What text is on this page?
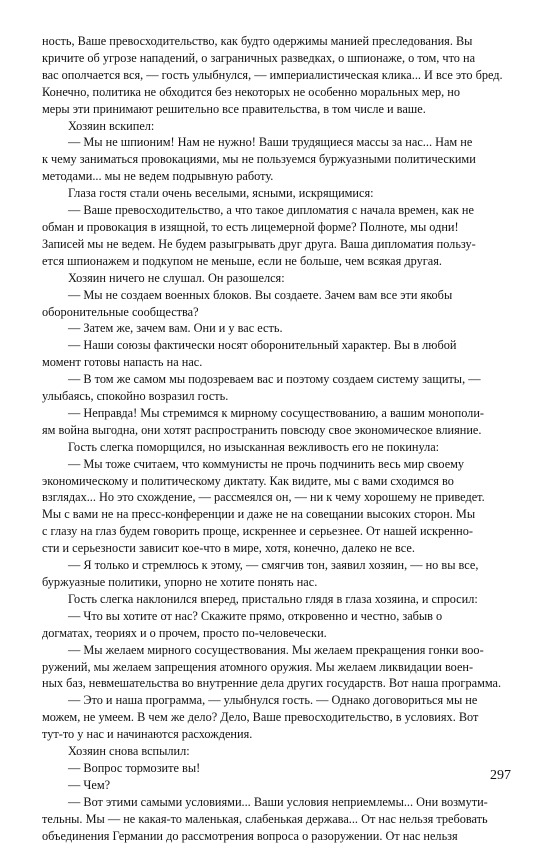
ность, Ваше превосходительство, как будто одержимы манией преследования. Вы
кричите об угрозе нападений, о заграничных разведках, о шпионаже, о том, что на
вас ополчается вся, — гость улыбнулся, — империалистическая клика... И все это бред.
Конечно, политика не обходится без некоторых не особенно моральных мер, но
меры эти принимают решительно все правительства, в том числе и ваше.
Хозяин вскипел:
— Мы не шпионим! Нам не нужно! Ваши трудящиеся массы за нас... Нам не
к чему заниматься провокациями, мы не пользуемся буржуазными политическими
методами... мы не ведем подрывную работу.
Глаза гостя стали очень веселыми, ясными, искрящимися:
— Ваше превосходительство, а что такое дипломатия с начала времен, как не
обман и провокация в изящной, то есть лицемерной форме? Полноте, мы одни!
Записей мы не ведем. Не будем разыгрывать друг друга. Ваша дипломатия пользу-
ется шпионажем и подкупом не меньше, если не больше, чем всякая другая.
Хозяин ничего не слушал. Он разошелся:
— Мы не создаем военных блоков. Вы создаете. Зачем вам все эти якобы
оборонительные сообщества?
— Затем же, зачем вам. Они и у вас есть.
— Наши союзы фактически носят оборонительный характер. Вы в любой
момент готовы напасть на нас.
— В том же самом мы подозреваем вас и поэтому создаем систему защиты, —
улыбаясь, спокойно возразил гость.
— Неправда! Мы стремимся к мирному сосуществованию, а вашим монополи-
ям война выгодна, они хотят распространить повсюду свое экономическое влияние.
Гость слегка поморщился, но изысканная вежливость его не покинула:
— Мы тоже считаем, что коммунисты не прочь подчинить весь мир своему
экономическому и политическому диктату. Как видите, мы с вами сходимся во
взглядах... Но это схождение, — рассмеялся он, — ни к чему хорошему не приведет.
Мы с вами не на пресс-конференции и даже не на совещании высоких сторон. Мы
с глазу на глаз будем говорить проще, искреннее и серьезнее. От нашей искренно-
сти и серьезности зависит кое-что в мире, хотя, конечно, далеко не все.
— Я только и стремлюсь к этому, — смягчив тон, заявил хозяин, — но вы все,
буржуазные политики, упорно не хотите понять нас.
Гость слегка наклонился вперед, пристально глядя в глаза хозяина, и спросил:
— Что вы хотите от нас? Скажите прямо, откровенно и честно, забыв о
догматах, теориях и о прочем, просто по-человечески.
— Мы желаем мирного сосуществования. Мы желаем прекращения гонки воо-
ружений, мы желаем запрещения атомного оружия. Мы желаем ликвидации воен-
ных баз, невмешательства во внутренние дела других государств. Вот наша программа.
— Это и наша программа, — улыбнулся гость. — Однако договориться мы не
можем, не умеем. В чем же дело? Дело, Ваше превосходительство, в условиях. Вот
тут-то у нас и начинаются расхождения.
Хозяин снова вспылил:
— Вопрос тормозите вы!
— Чем?
— Вот этими самыми условиями... Ваши условия неприемлемы... Они возмути-
тельны. Мы — не какая-то маленькая, слабенькая держава... От нас нельзя требовать
объединения Германии до рассмотрения вопроса о разоружении. От нас нельзя
297
